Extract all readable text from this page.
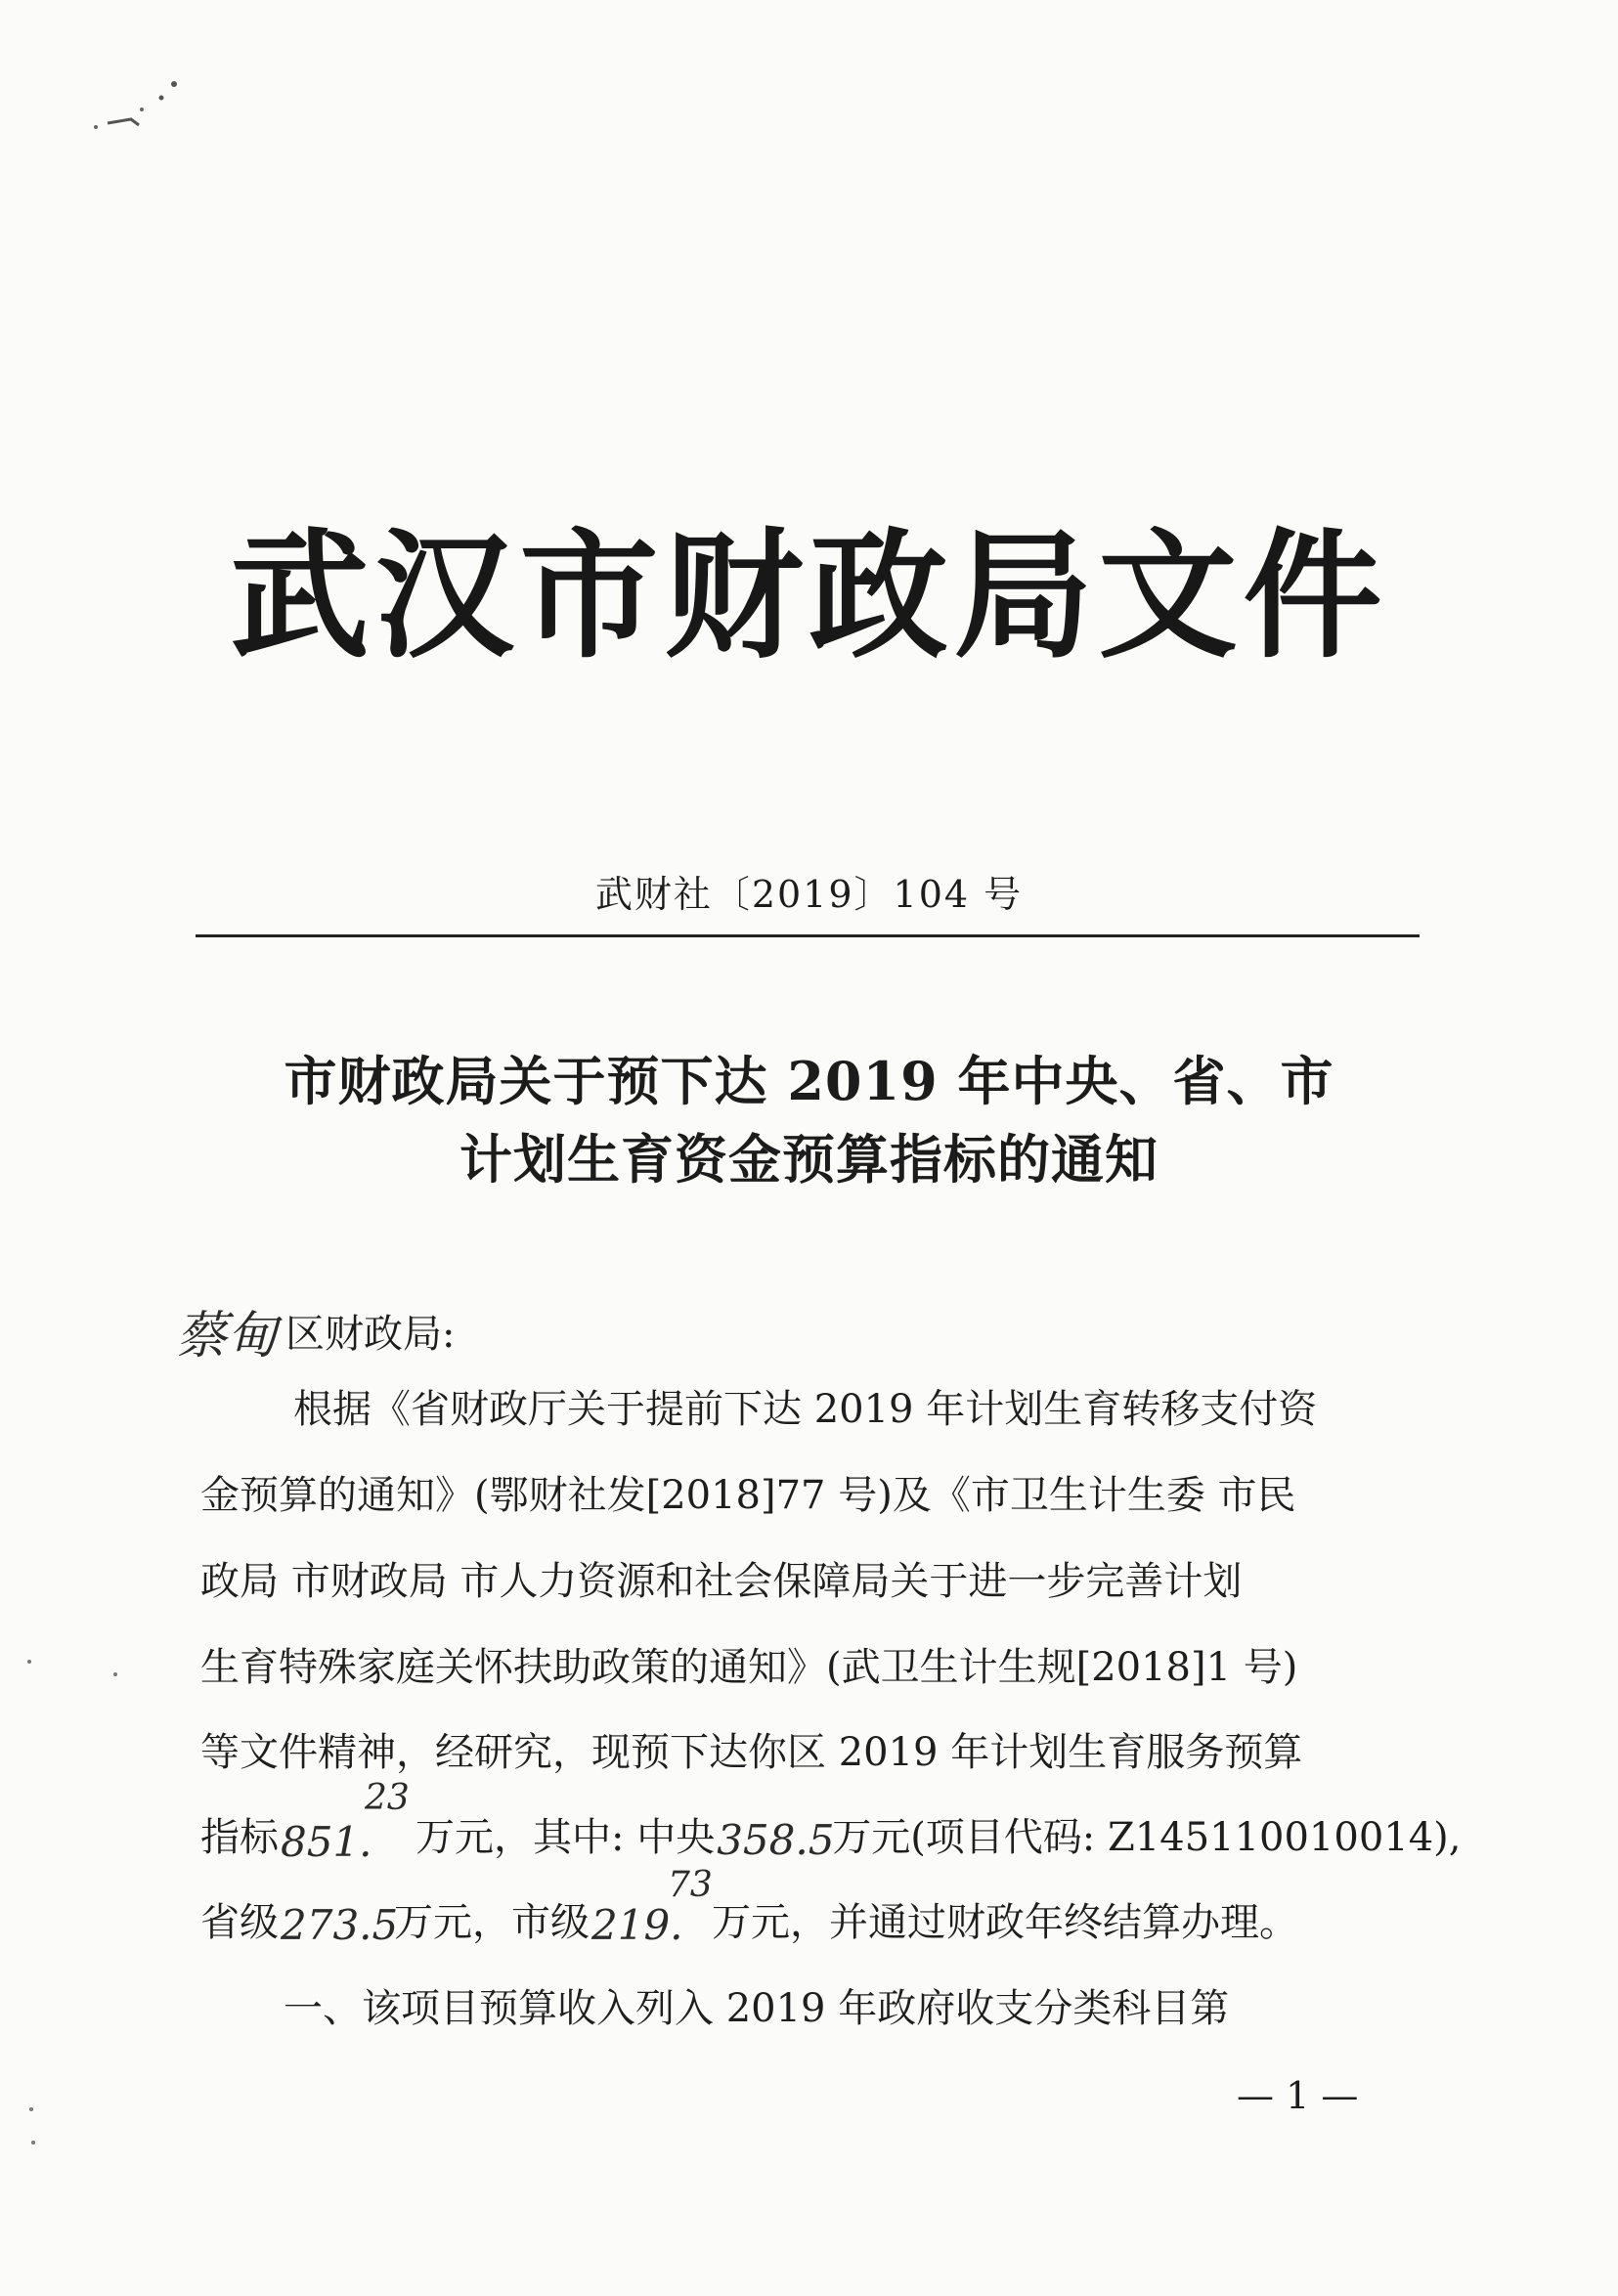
武汉市财政局文件
武财社〔2019〕104 号
市财政局关于预下达 2019 年中央、省、市
计划生育资金预算指标的通知
蔡甸 区财政局:
根据《省财政厅关于提前下达 2019 年计划生育转移支付资
金预算的通知》(鄂财社发[2018]77 号)及《市卫生计生委 市民
政局 市财政局 市人力资源和社会保障局关于进一步完善计划
生育特殊家庭关怀扶助政策的通知》(武卫生计生规[2018]1 号)
等文件精神，经研究，现预下达你区 2019 年计划生育服务预算
指标 851.
23
万元，其中: 中央 358.5
万元(项目代码: Z145110010014),
省级 273.5
万元，市级 219.
73
万元，并通过财政年终结算办理。
一、该项目预算收入列入 2019 年政府收支分类科目第
— 1 —
